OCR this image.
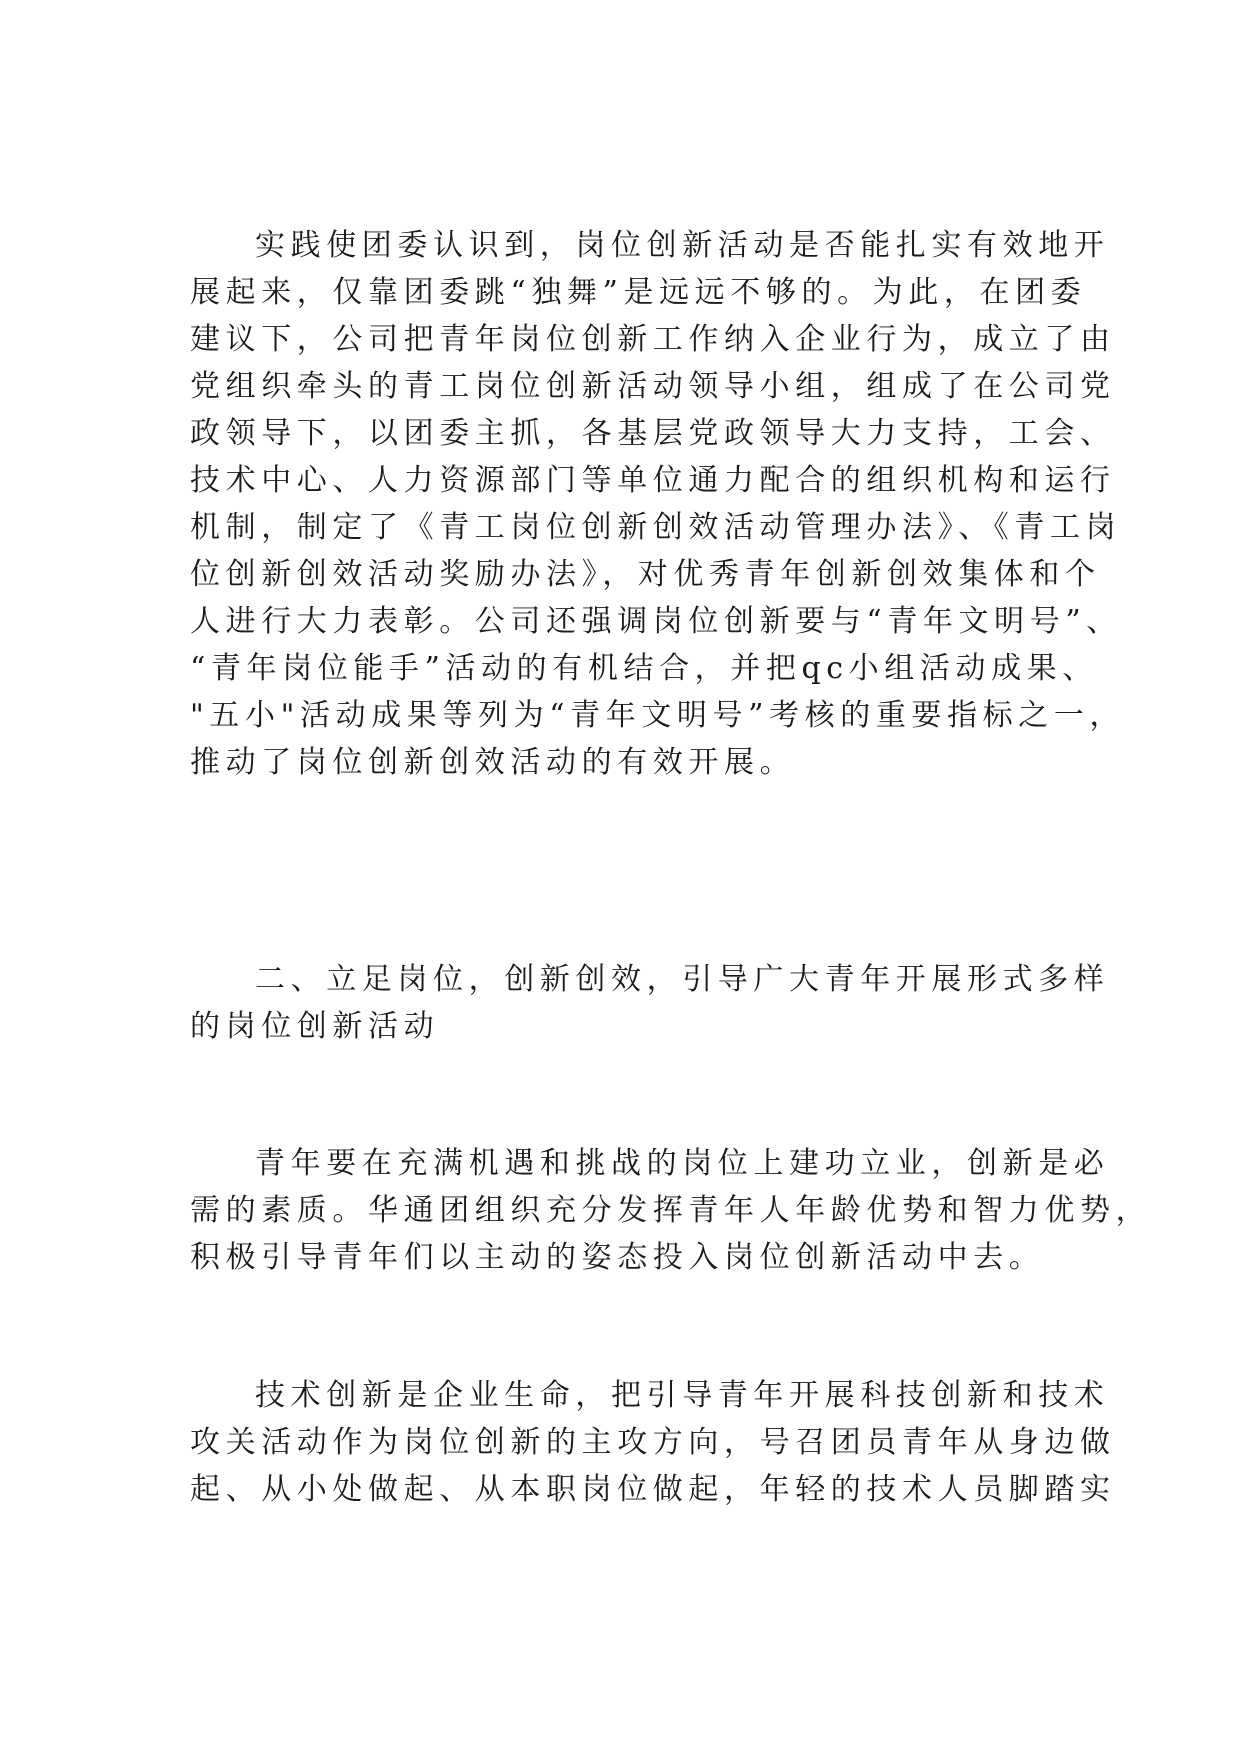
实践使团委认识到，岗位创新活动是否能扎实有效地开
展起来，仅靠团委跳“独舞”是远远不够的。为此，在团委
建议下，公司把青年岗位创新工作纳入企业行为，成立了由
党组织牵头的青工岗位创新活动领导小组，组成了在公司党
政领导下，以团委主抓，各基层党政领导大力支持，工会、
技术中心、人力资源部门等单位通力配合的组织机构和运行
机制，制定了《青工岗位创新创效活动管理办法》、《青工岗
位创新创效活动奖励办法》，对优秀青年创新创效集体和个
人进行大力表彰。公司还强调岗位创新要与“青年文明号”、
“青年岗位能手”活动的有机结合，并把qc小组活动成果、
"五小"活动成果等列为“青年文明号”考核的重要指标之一，
推动了岗位创新创效活动的有效开展。
二、立足岗位，创新创效，引导广大青年开展形式多样
的岗位创新活动
青年要在充满机遇和挑战的岗位上建功立业，创新是必
需的素质。华通团组织充分发挥青年人年龄优势和智力优势，
积极引导青年们以主动的姿态投入岗位创新活动中去。
技术创新是企业生命，把引导青年开展科技创新和技术
攻关活动作为岗位创新的主攻方向，号召团员青年从身边做
起、从小处做起、从本职岗位做起，年轻的技术人员脚踏实
